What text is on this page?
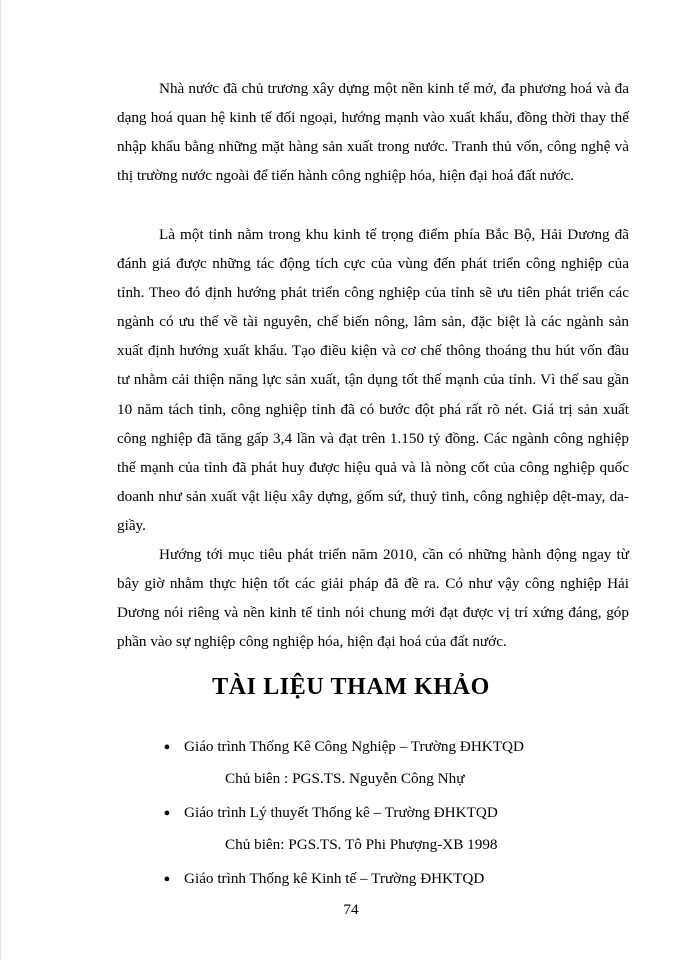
Nhà nước đã chủ trương xây dựng một nền kinh tế mở, đa phương hoá và đa dạng hoá quan hệ kinh tế đối ngoại, hướng mạnh vào xuất khẩu, đồng thời thay thế nhập khẩu bằng những mặt hàng sản xuất trong nước. Tranh thủ vốn, công nghệ và thị trường nước ngoài để tiến hành công nghiệp hóa, hiện đại hoá đất nước.

Là một tỉnh nằm trong khu kinh tế trọng điểm phía Bắc Bộ, Hải Dương đã đánh giá được những tác động tích cực của vùng đến phát triển công nghiệp của tỉnh. Theo đó định hướng phát triển công nghiệp của tỉnh sẽ ưu tiên phát triển các ngành có ưu thế về tài nguyên, chế biến nông, lâm sản, đặc biệt là các ngành sản xuất định hướng xuất khẩu. Tạo điều kiện và cơ chế thông thoáng thu hút vốn đầu tư nhằm cải thiện năng lực sản xuất, tận dụng tốt thế mạnh của tỉnh. Vì thế sau gần 10 năm tách tỉnh, công nghiệp tỉnh đã có bước đột phá rất rõ nét. Giá trị sản xuất công nghiệp đã tăng gấp 3,4 lần và đạt trên 1.150 tỷ đồng. Các ngành công nghiệp thế mạnh của tỉnh đã phát huy được hiệu quả và là nòng cốt của công nghiệp quốc doanh như sản xuất vật liệu xây dựng, gốm sứ, thuỷ tinh, công nghiệp dệt-may, da-giầy.

Hướng tới mục tiêu phát triển năm 2010, cần có những hành động ngay từ bây giờ nhằm thực hiện tốt các giải pháp đã đề ra. Có như vậy công nghiệp Hải Dương nói riêng và nền kinh tế tỉnh nói chung mới đạt được vị trí xứng đáng, góp phần vào sự nghiệp công nghiệp hóa, hiện đại hoá của đất nước.

TÀI LIỆU THAM KHẢO
● Giáo trình Thống Kê Công Nghiệp – Trường ĐHKTQD
Chủ biên : PGS.TS. Nguyễn Công Nhự
● Giáo trình Lý thuyết Thống kê – Trường ĐHKTQD
Chủ biên: PGS.TS. Tô Phi Phượng-XB 1998
● Giáo trình Thống kê Kinh tế – Trường ĐHKTQD
74
